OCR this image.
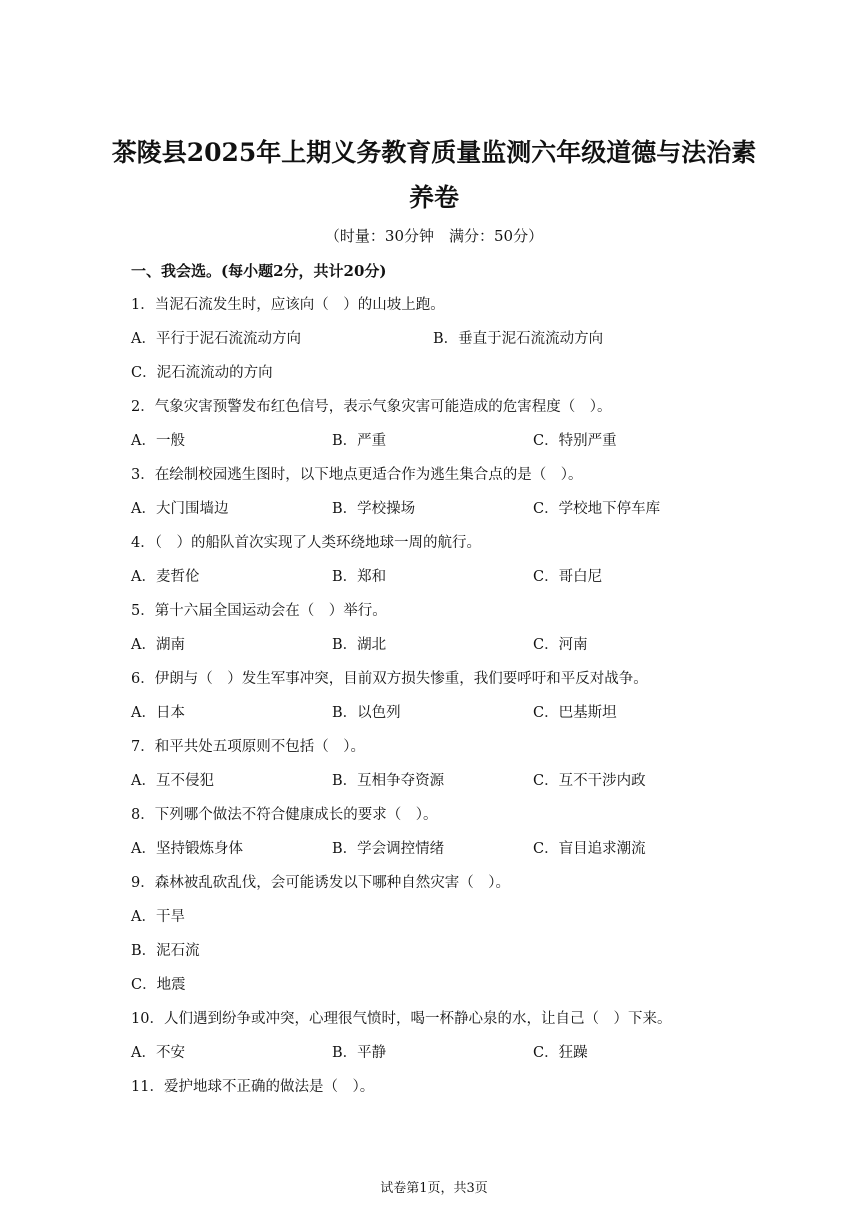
茶陵县2025年上期义务教育质量监测六年级道德与法治素
养卷
（时量：30分钟　满分：50分）
一、我会选。(每小题2分，共计20分)
1．当泥石流发生时，应该向（　）的山坡上跑。
A．平行于泥石流流动方向	B．垂直于泥石流流动方向
C．泥石流流动的方向
2．气象灾害预警发布红色信号，表示气象灾害可能造成的危害程度（　）。
A．一般	B．严重	C．特别严重
3．在绘制校园逃生图时，以下地点更适合作为逃生集合点的是（　）。
A．大门围墙边	B．学校操场	C．学校地下停车库
4．（　）的船队首次实现了人类环绕地球一周的航行。
A．麦哲伦	B．郑和	C．哥白尼
5．第十六届全国运动会在（　）举行。
A．湖南	B．湖北	C．河南
6．伊朗与（　）发生军事冲突，目前双方损失惨重，我们要呼吁和平反对战争。
A．日本	B．以色列	C．巴基斯坦
7．和平共处五项原则不包括（　）。
A．互不侵犯	B．互相争夺资源	C．互不干涉内政
8．下列哪个做法不符合健康成长的要求（　）。
A．坚持锻炼身体	B．学会调控情绪	C．盲目追求潮流
9．森林被乱砍乱伐，会可能诱发以下哪种自然灾害（　）。
A．干旱
B．泥石流
C．地震
10．人们遇到纷争或冲突，心理很气愤时，喝一杯静心泉的水，让自己（　）下来。
A．不安	B．平静	C．狂躁
11．爱护地球不正确的做法是（　）。
试卷第1页，共3页
